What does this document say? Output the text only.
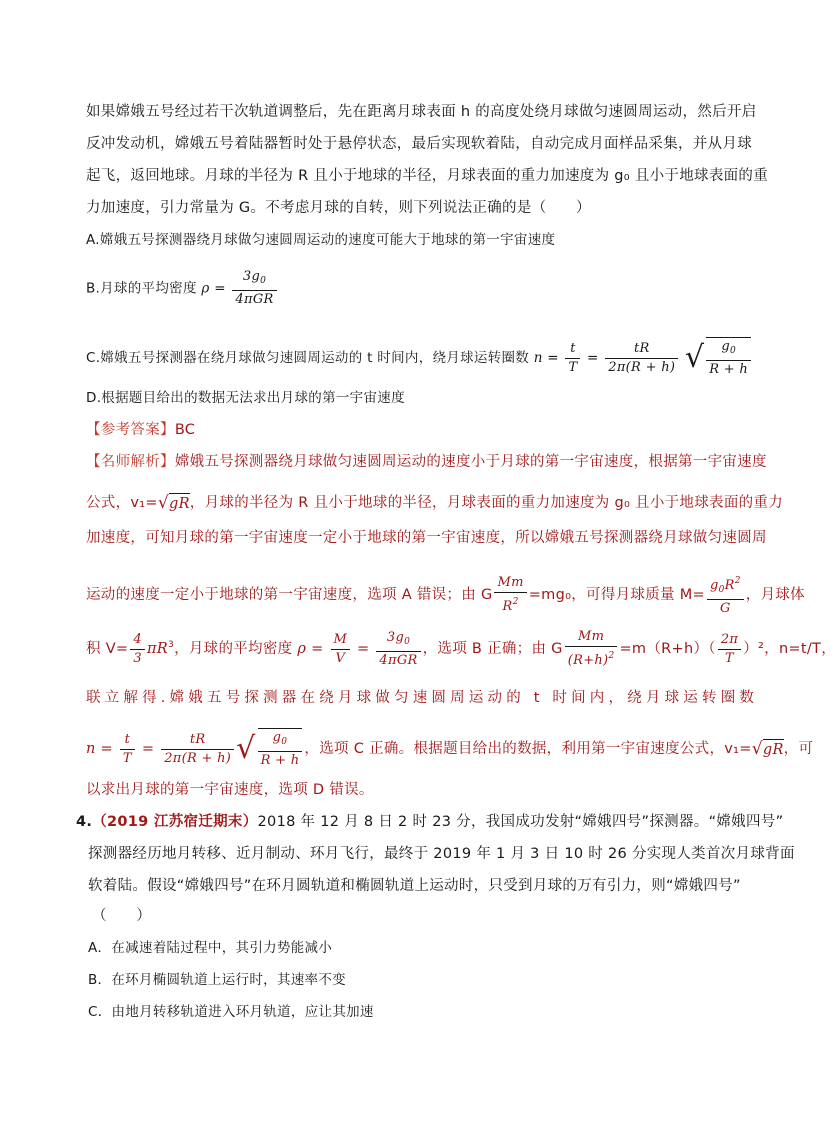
如果嫦娥五号经过若干次轨道调整后，先在距离月球表面 h 的高度处绕月球做匀速圆周运动，然后开启
反冲发动机，嫦娥五号着陆器暂时处于悬停状态，最后实现软着陆，自动完成月面样品采集，并从月球
起飞，返回地球。月球的半径为 R 且小于地球的半径，月球表面的重力加速度为 g₀ 且小于地球表面的重
力加速度，引力常量为 G。不考虑月球的自转，则下列说法正确的是（　　）
A.嫦娥五号探测器绕月球做匀速圆周运动的速度可能大于地球的第一宇宙速度
B.月球的平均密度 $\rho = \frac{3g_0}{\text{4πGR}}$
C.嫦娥五号探测器在绕月球做匀速圆周运动的 t 时间内，绕月球运转圈数 $n = \frac{t}{T} = \frac{tR}{2\pi(R + h)}$ √ $\frac{g_0}{R + h}$
D.根据题目给出的数据无法求出月球的第一宇宙速度
【参考答案】BC
【名师解析】嫦娥五号探测器绕月球做匀速圆周运动的速度小于月球的第一宇宙速度，根据第一宇宙速度
公式，v₁=√gR，月球的半径为 R 且小于地球的半径，月球表面的重力加速度为 g₀ 且小于地球表面的重力
加速度，可知月球的第一宇宙速度一定小于地球的第一宇宙速度，所以嫦娥五号探测器绕月球做匀速圆周
运动的速度一定小于地球的第一宇宙速度，选项 A 错误；由 G $\frac{Mm}{R^2} =mg_0$，可得月球质量 $M= \frac{g_0R^2}{G}$ ，月球体
积 $V= \frac{4}{3} \pi R^3$，月球的平均密度 $\rho = \frac{M}{V} = \frac{3g_0}{\text{4πGR}}$ ，选项 B 正确；由 G $\frac{Mm}{(R+h)^2} =m(R+h)( \frac{2\pi}{T} )^2$，n=t/T，
联立解得.嫦娥五号探测器在绕月球做匀速圆周运动的 t 时间内，绕月球运转圈数
$n = \frac{t}{T} = \frac{tR}{2\pi(R + h)}$ √ $\frac{g_0}{R + h}$ ，选项 C 正确。根据题目给出的数据，利用第一宇宙速度公式，v₁=√gR，可
以求出月球的第一宇宙速度，选项 D 错误。
4.（2019 江苏宿迁期末）2018 年 12 月 8 日 2 时 23 分，我国成功发射“嫦娥四号”探测器。“嫦娥四号”
探测器经历地月转移、近月制动、环月飞行，最终于 2019 年 1 月 3 日 10 时 26 分实现人类首次月球背面
软着陆。假设“嫦娥四号”在环月圆轨道和椭圆轨道上运动时，只受到月球的万有引力，则“嫦娥四号”
（　　）
A．在减速着陆过程中，其引力势能减小
B．在环月椭圆轨道上运行时，其速率不变
C．由地月转移轨道进入环月轨道，应让其加速
